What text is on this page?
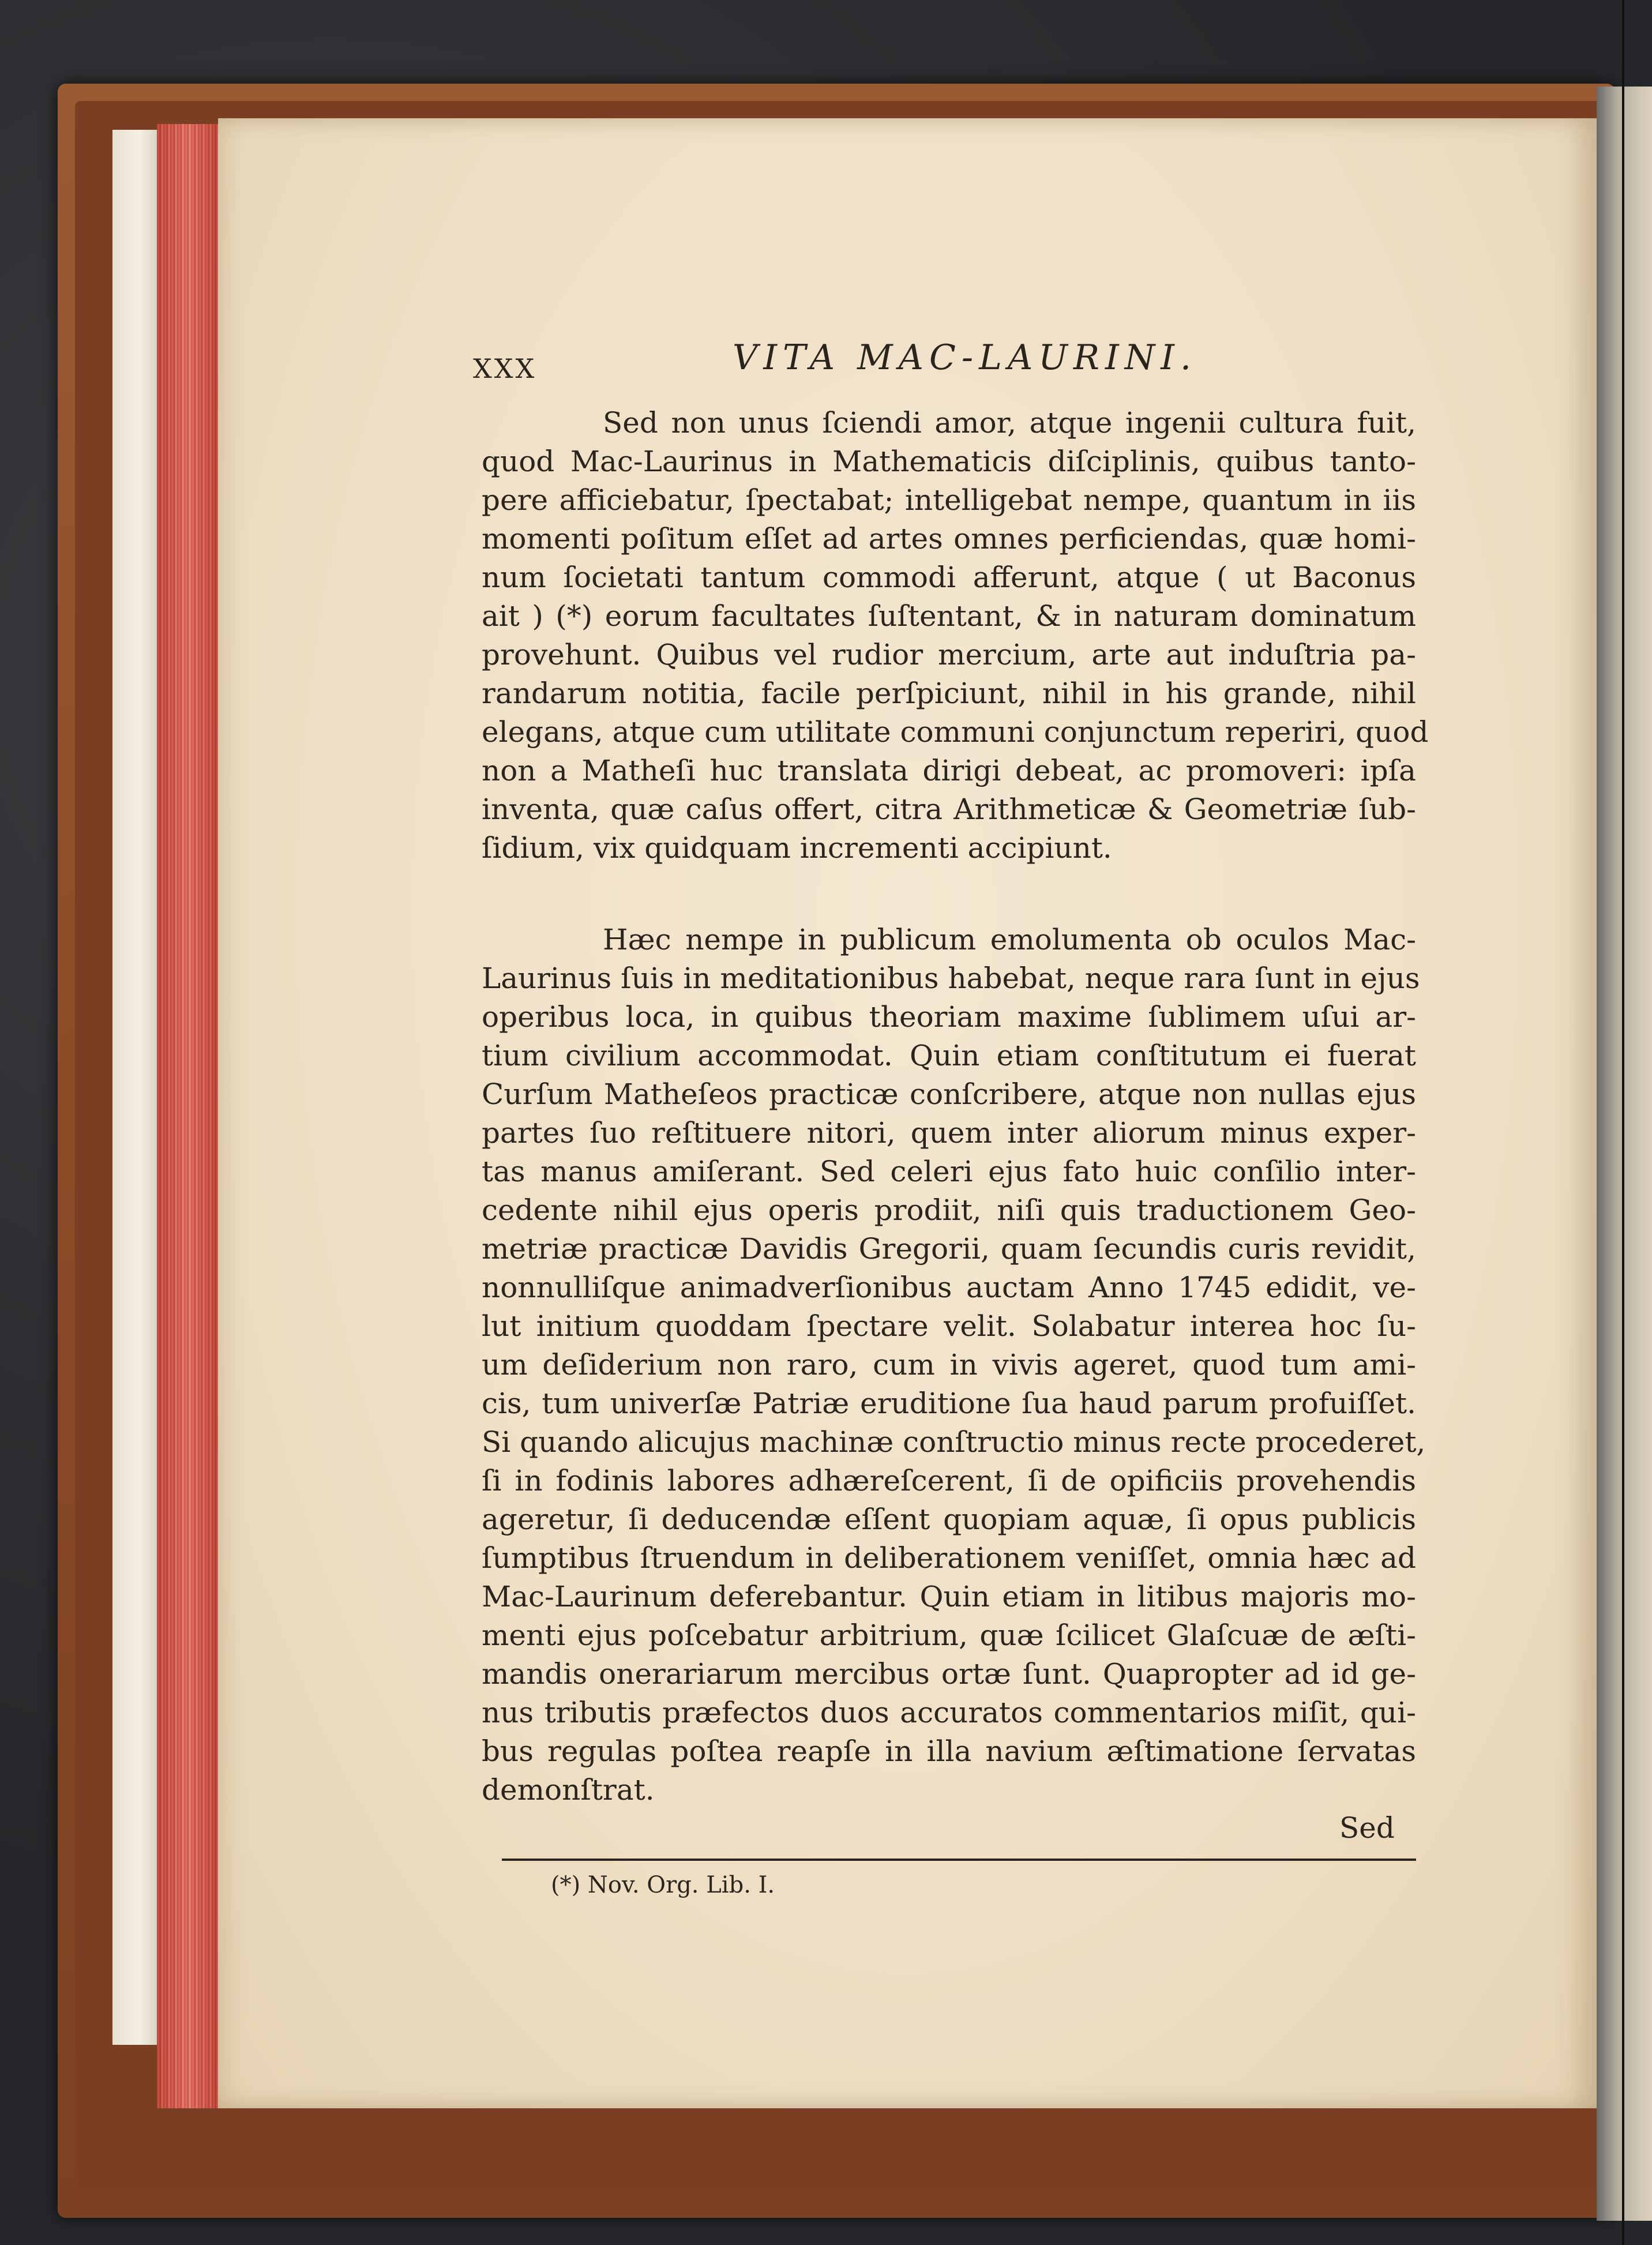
XXX	VITA MAC-LAURINI.
Sed non unus ſciendi amor, atque ingenii cultura fuit,
quod Mac-Laurinus in Mathematicis diſciplinis, quibus tanto-
pere afficiebatur, ſpectabat; intelligebat nempe, quantum in iis
momenti poſitum eſſet ad artes omnes perficiendas, quæ homi-
num ſocietati tantum commodi afferunt, atque ( ut Baconus
ait ) (*) eorum facultates ſuſtentant, & in naturam dominatum
provehunt. Quibus vel rudior mercium, arte aut induſtria pa-
randarum notitia, facile perſpiciunt, nihil in his grande, nihil
elegans, atque cum utilitate communi conjunctum reperiri, quod
non a Matheſi huc translata dirigi debeat, ac promoveri: ipſa
inventa, quæ caſus offert, citra Arithmeticæ & Geometriæ ſub-
ſidium, vix quidquam incrementi accipiunt.
Hæc nempe in publicum emolumenta ob oculos Mac-
Laurinus ſuis in meditationibus habebat, neque rara ſunt in ejus
operibus loca, in quibus theoriam maxime ſublimem uſui ar-
tium civilium accommodat. Quin etiam conſtitutum ei fuerat
Curſum Matheſeos practicæ conſcribere, atque non nullas ejus
partes ſuo reſtituere nitori, quem inter aliorum minus exper-
tas manus amiſerant. Sed celeri ejus fato huic conſilio inter-
cedente nihil ejus operis prodiit, niſi quis traductionem Geo-
metriæ practicæ Davidis Gregorii, quam ſecundis curis revidit,
nonnulliſque animadverſionibus auctam Anno 1745 edidit, ve-
lut initium quoddam ſpectare velit. Solabatur interea hoc ſu-
um deſiderium non raro, cum in vivis ageret, quod tum ami-
cis, tum univerſæ Patriæ eruditione ſua haud parum profuiſſet.
Si quando alicujus machinæ conſtructio minus recte procederet,
ſi in fodinis labores adhæreſcerent, ſi de opificiis provehendis
ageretur, ſi deducendæ eſſent quopiam aquæ, ſi opus publicis
ſumptibus ſtruendum in deliberationem veniſſet, omnia hæc ad
Mac-Laurinum deferebantur. Quin etiam in litibus majoris mo-
menti ejus poſcebatur arbitrium, quæ ſcilicet Glaſcuæ de æſti-
mandis onerariarum mercibus ortæ ſunt. Quapropter ad id ge-
nus tributis præfectos duos accuratos commentarios miſit, qui-
bus regulas poſtea reapſe in illa navium æſtimatione ſervatas
demonſtrat.
Sed
(*) Nov. Org. Lib. I.
